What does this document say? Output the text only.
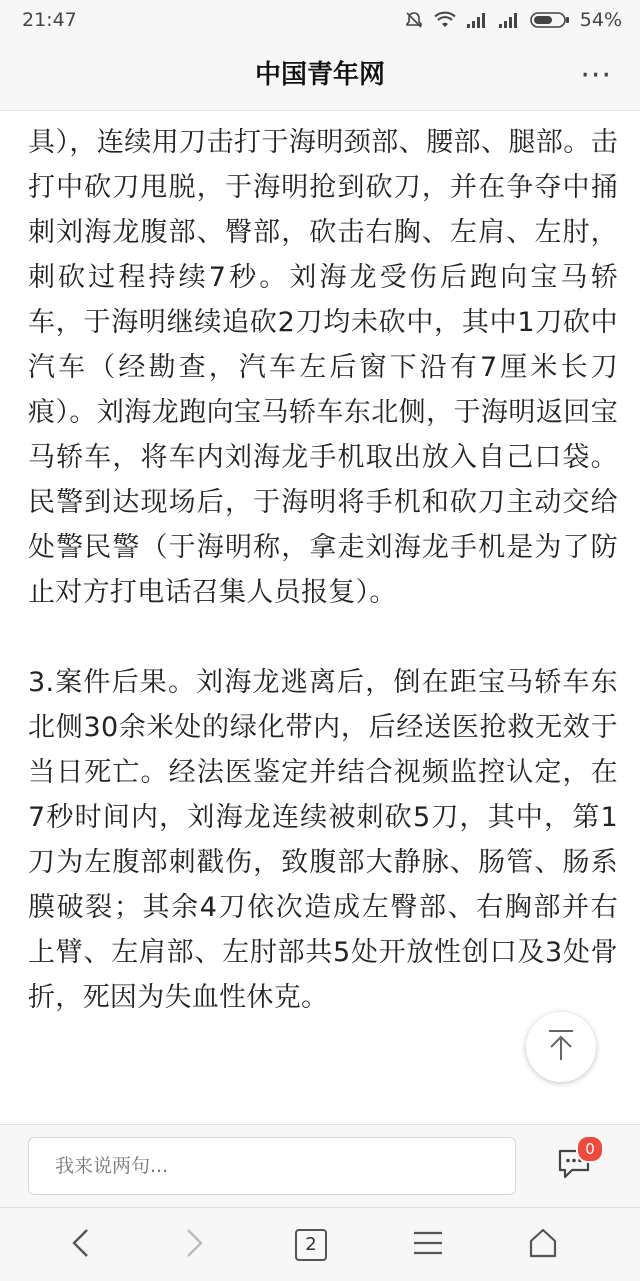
21:47	54%
中国青年网	···

具），连续用刀击打于海明颈部、腰部、腿部。击打中砍刀甩脱，于海明抢到砍刀，并在争夺中捅刺刘海龙腹部、臀部，砍击右胸、左肩、左肘，刺砍过程持续7秒。刘海龙受伤后跑向宝马轿车，于海明继续追砍2刀均未砍中，其中1刀砍中汽车（经勘查，汽车左后窗下沿有7厘米长刀痕）。刘海龙跑向宝马轿车东北侧，于海明返回宝马轿车，将车内刘海龙手机取出放入自己口袋。民警到达现场后，于海明将手机和砍刀主动交给处警民警（于海明称，拿走刘海龙手机是为了防止对方打电话召集人员报复）。

3.案件后果。刘海龙逃离后，倒在距宝马轿车东北侧30余米处的绿化带内，后经送医抢救无效于当日死亡。经法医鉴定并结合视频监控认定，在7秒时间内，刘海龙连续被刺砍5刀，其中，第1刀为左腹部刺戳伤，致腹部大静脉、肠管、肠系膜破裂；其余4刀依次造成左臀部、右胸部并右上臂、左肩部、左肘部共5处开放性创口及3处骨折，死因为失血性休克。

我来说两句...
0
2
